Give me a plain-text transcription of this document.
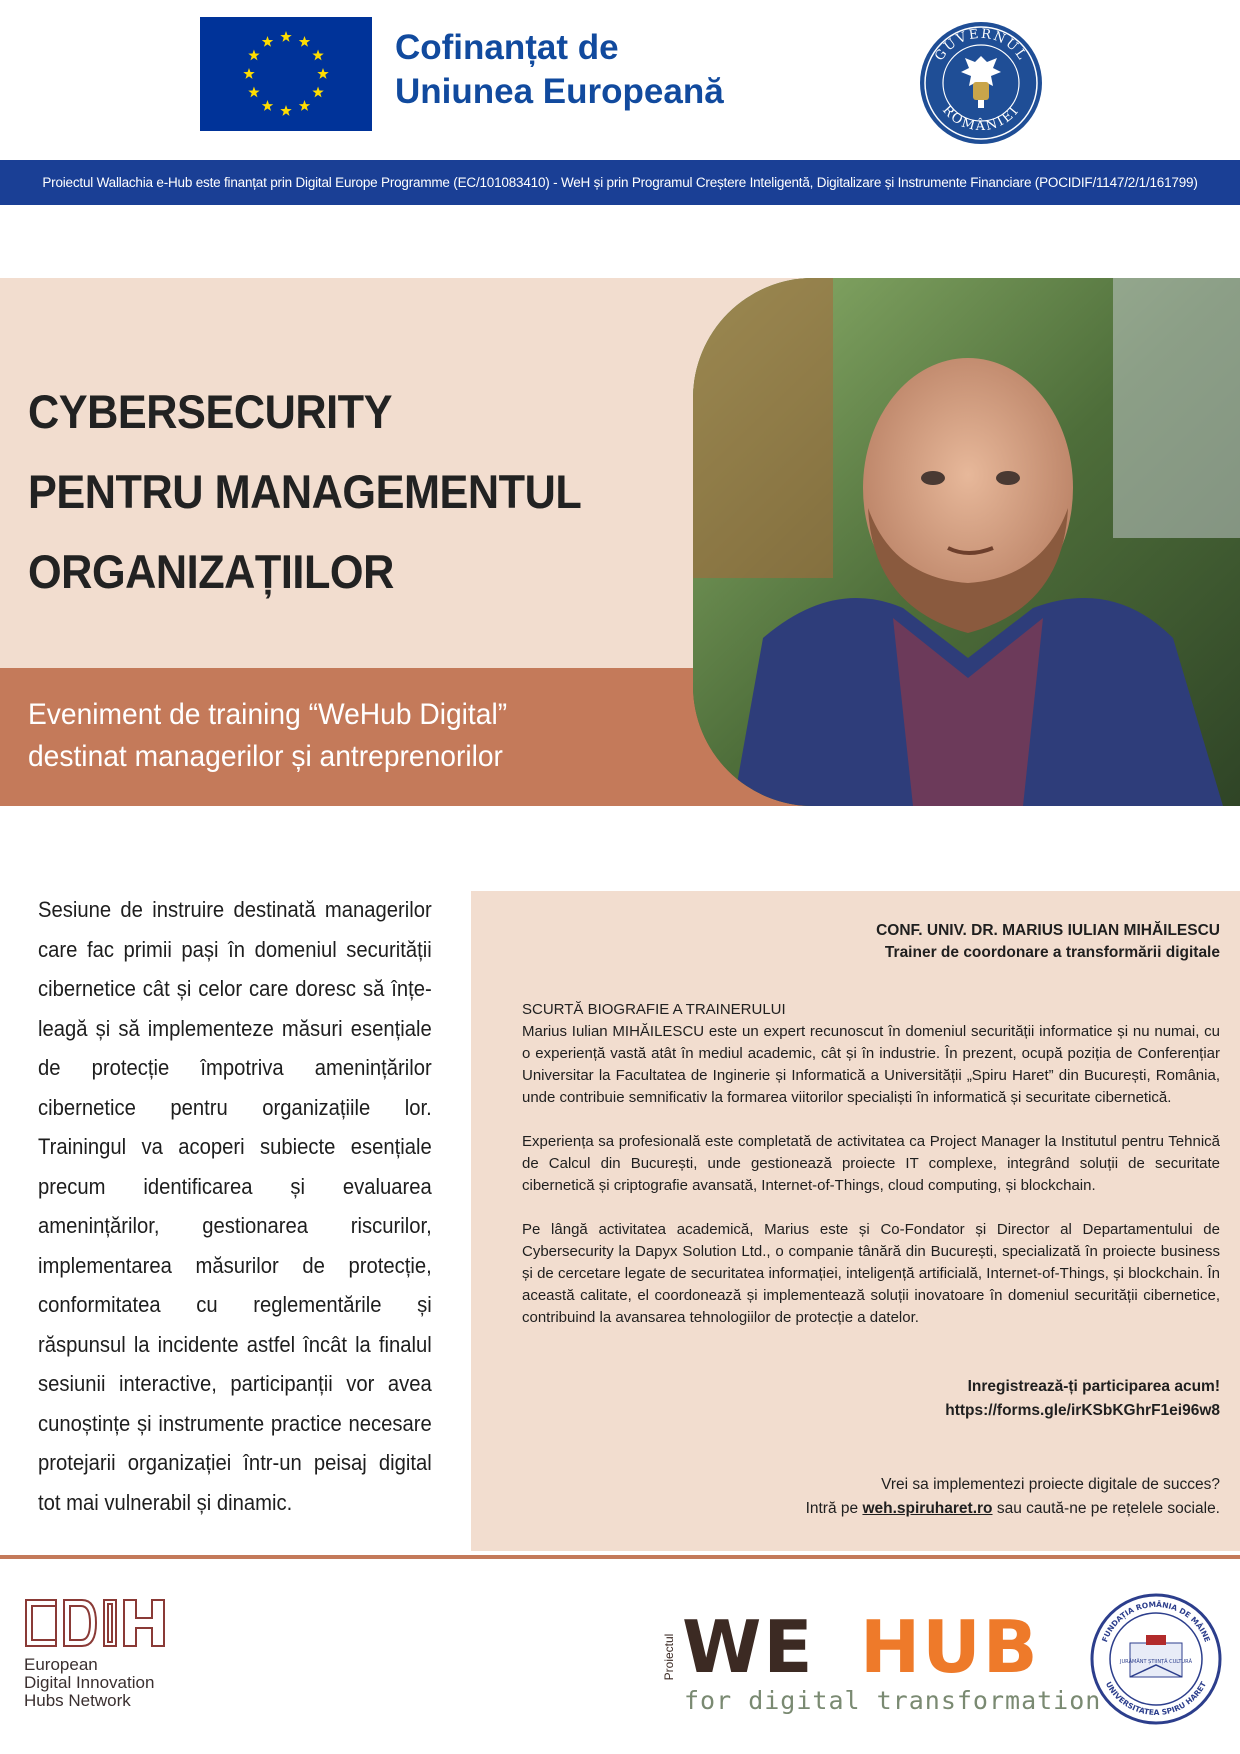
Cofinanțat de
Uniunea Europeană
GUVERNUL
ROMÂNIEI
Proiectul Wallachia e-Hub este finanțat prin Digital Europe Programme (EC/101083410) - WeH și prin Programul Creștere Inteligentă, Digitalizare și Instrumente Financiare (POCIDIF/1147/2/1/161799)
CYBERSECURITY
PENTRU MANAGEMENTUL
ORGANIZAȚIILOR
Eveniment de training “WeHub Digital”
destinat managerilor și antreprenorilor
Sesiune de instruire destinată managerilor care fac primii pași în domeniul securității cibernetice cât și celor care doresc să înțeleagă și să implementeze măsuri esențiale de protecție împotriva amenințărilor cibernetice pentru organizațiile lor. Trainingul va acoperi subiecte esențiale precum identificarea și evaluarea amenințărilor, gestionarea riscurilor, implementarea măsurilor de protecție, conformitatea cu reglementările și răspunsul la incidente astfel încât la finalul sesiunii interactive, participanții vor avea cunoștințe și instrumente practice necesare protejarii organizației într-un peisaj digital tot mai vulnerabil și dinamic.
CONF. UNIV. DR. MARIUS IULIAN MIHĂILESCU
Trainer de coordonare a transformării digitale

SCURTĂ BIOGRAFIE A TRAINERULUI

Marius Iulian MIHĂILESCU este un expert recunoscut în domeniul securității informatice și nu numai, cu o experiență vastă atât în mediul academic, cât și în industrie. În prezent, ocupă poziția de Conferențiar Universitar la Facultatea de Inginerie și Informatică a Universității „Spiru Haret” din București, România, unde contribuie semnificativ la formarea viitorilor specialiști în informatică și securitate cibernetică.

Experiența sa profesională este completată de activitatea ca Project Manager la Institutul pentru Tehnică de Calcul din București, unde gestionează proiecte IT complexe, integrând soluții de securitate cibernetică și criptografie avansată, Internet-of-Things, cloud computing, și blockchain.

Pe lângă activitatea academică, Marius este și Co-Fondator și Director al Departamentului de Cybersecurity la Dapyx Solution Ltd., o companie tânără din București, specializată în proiecte business și de cercetare legate de securitatea informației, inteligență artificială, Internet-of-Things, și blockchain. În această calitate, el coordonează și implementează soluții inovatoare în domeniul securității cibernetice, contribuind la avansarea tehnologiilor de protecție a datelor.

Inregistrează-ți participarea acum!
https://forms.gle/irKSbKGhrF1ei96w8
Vrei sa implementezi proiecte digitale de succes?
Intră pe weh.spiruharet.ro sau caută-ne pe rețelele sociale.
European
Digital Innovation
Hubs Network
Proiectul WE HUB
for digital transformation
FUNDAȚIA ROMÂNIA DE MÂINE
UNIVERSITATEA SPIRU HARET
JURĂMÂNT ȘTIINȚĂ CULTURĂ
